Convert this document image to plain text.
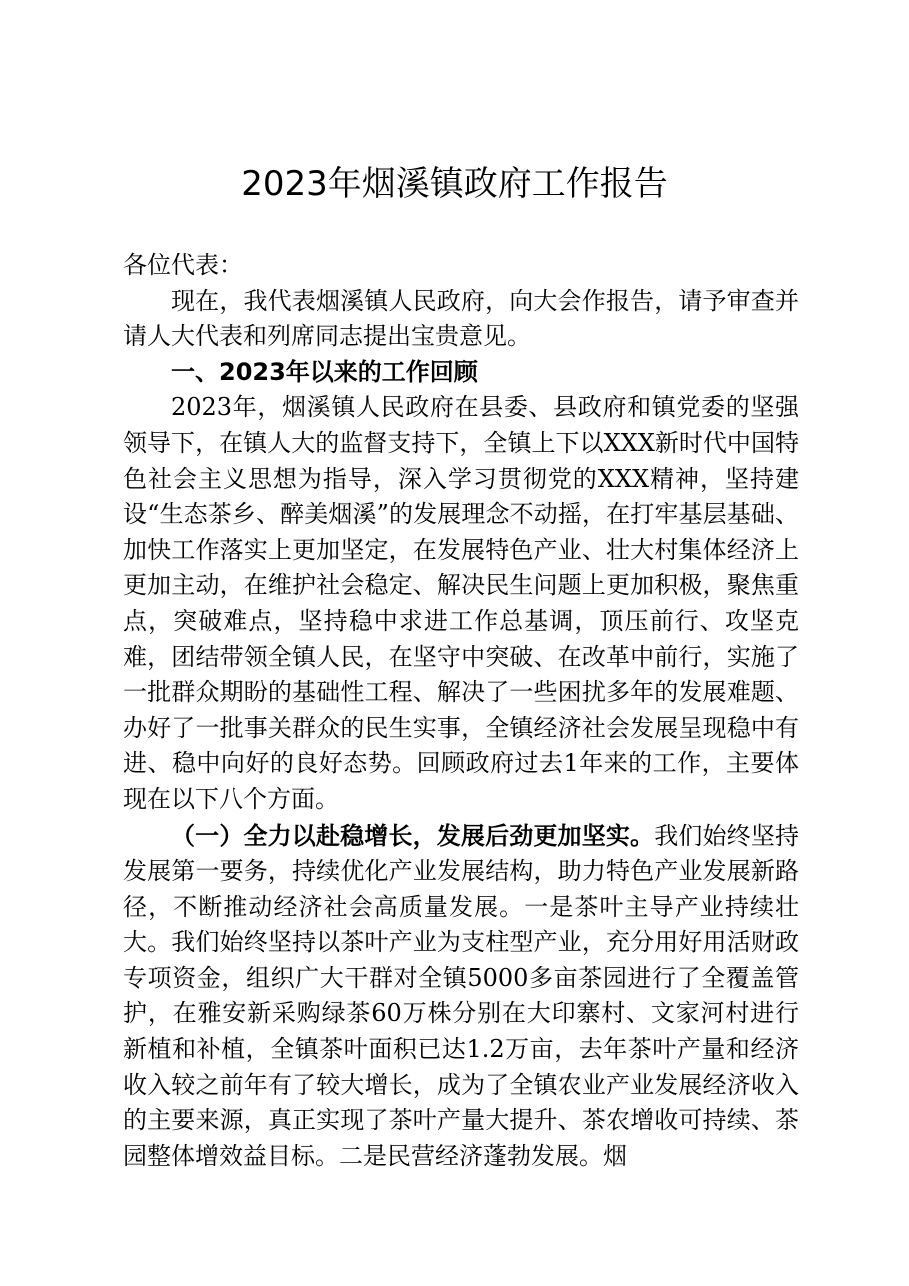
2023年烟溪镇政府工作报告

各位代表：

现在，我代表烟溪镇人民政府，向大会作报告，请予审查并请人大代表和列席同志提出宝贵意见。

一、2023年以来的工作回顾

2023年，烟溪镇人民政府在县委、县政府和镇党委的坚强领导下，在镇人大的监督支持下，全镇上下以XXX新时代中国特色社会主义思想为指导，深入学习贯彻党的XXX精神，坚持建设“生态茶乡、醉美烟溪”的发展理念不动摇，在打牢基层基础、加快工作落实上更加坚定，在发展特色产业、壮大村集体经济上更加主动，在维护社会稳定、解决民生问题上更加积极，聚焦重点，突破难点，坚持稳中求进工作总基调，顶压前行、攻坚克难，团结带领全镇人民，在坚守中突破、在改革中前行，实施了一批群众期盼的基础性工程、解决了一些困扰多年的发展难题、办好了一批事关群众的民生实事，全镇经济社会发展呈现稳中有进、稳中向好的良好态势。回顾政府过去1年来的工作，主要体现在以下八个方面。

（一）全力以赴稳增长，发展后劲更加坚实。我们始终坚持发展第一要务，持续优化产业发展结构，助力特色产业发展新路径，不断推动经济社会高质量发展。一是茶叶主导产业持续壮大。我们始终坚持以茶叶产业为支柱型产业，充分用好用活财政专项资金，组织广大干群对全镇5000多亩茶园进行了全覆盖管护，在雅安新采购绿茶60万株分别在大印寨村、文家河村进行新植和补植，全镇茶叶面积已达1.2万亩，去年茶叶产量和经济收入较之前年有了较大增长，成为了全镇农业产业发展经济收入的主要来源，真正实现了茶叶产量大提升、茶农增收可持续、茶园整体增效益目标。二是民营经济蓬勃发展。烟
